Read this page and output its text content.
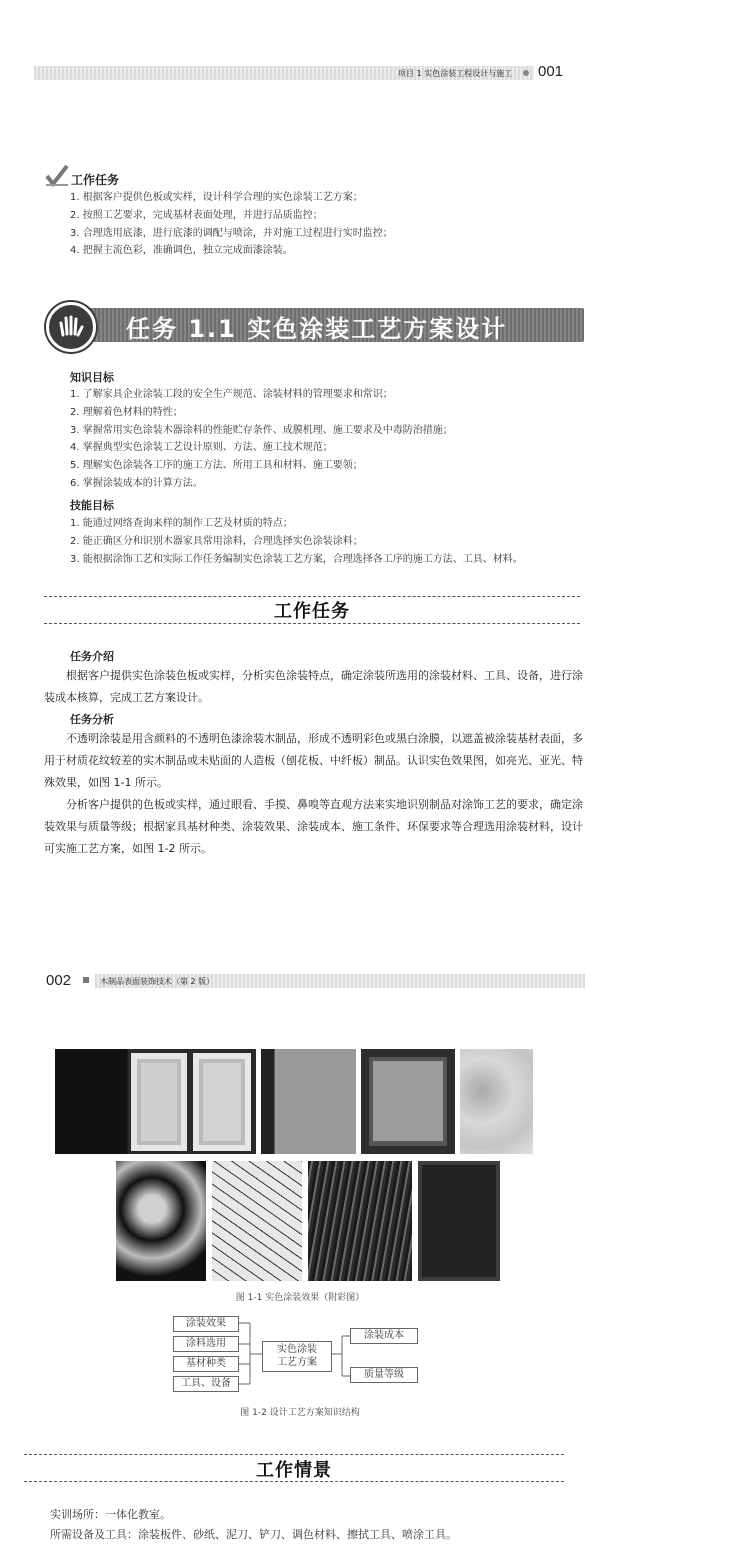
项目 1 实色涂装工程设计与施工 001
工作任务
1. 根据客户提供色板或实样，设计科学合理的实色涂装工艺方案；
2. 按照工艺要求，完成基材表面处理，并进行品质监控；
3. 合理选用底漆，进行底漆的调配与喷涂，并对施工过程进行实时监控；
4. 把握主流色彩，准确调色，独立完成面漆涂装。
任务 1.1 实色涂装工艺方案设计
知识目标
1. 了解家具企业涂装工段的安全生产规范、涂装材料的管理要求和常识；
2. 理解着色材料的特性；
3. 掌握常用实色涂装木器涂料的性能贮存条件、成膜机理、施工要求及中毒防治措施；
4. 掌握典型实色涂装工艺设计原则、方法、施工技术规范；
5. 理解实色涂装各工序的施工方法、所用工具和材料、施工要领；
6. 掌握涂装成本的计算方法。
技能目标
1. 能通过网络查询来样的制作工艺及材质的特点；
2. 能正确区分和识别木器家具常用涂料，合理选择实色涂装涂料；
3. 能根据涂饰工艺和实际工作任务编制实色涂装工艺方案，合理选择各工序的施工方法、工具、材料。
工作任务
任务介绍

根据客户提供实色涂装色板或实样，分析实色涂装特点，确定涂装所选用的涂装材料、工具、设备，进行涂装成本核算，完成工艺方案设计。

任务分析

不透明涂装是用含颜料的不透明色漆涂装木制品，形成不透明彩色或黑白涂膜，以遮盖被涂装基材表面，多用于材质花纹较差的实木制品或未贴面的人造板（刨花板、中纤板）制品。认识实色效果图，如亮光、亚光、特殊效果，如图 1-1 所示。

分析客户提供的色板或实样，通过眼看、手摸、鼻嗅等直观方法来实地识别制品对涂饰工艺的要求，确定涂装效果与质量等级；根据家具基材种类、涂装效果、涂装成本、施工条件、环保要求等合理选用涂装材料，设计可实施工艺方案，如图 1-2 所示。

002	木制品表面装饰技术（第 2 版）
图 1-1 实色涂装效果（附彩图）
涂装效果
涂料选用
基材种类
工具、设备
实色涂装
工艺方案
涂装成本
质量等级
图 1-2 设计工艺方案知识结构
工作情景
实训场所：一体化教室。
所需设备及工具：涂装板件、砂纸、泥刀、铲刀、调色材料、擦拭工具、喷涂工具。
